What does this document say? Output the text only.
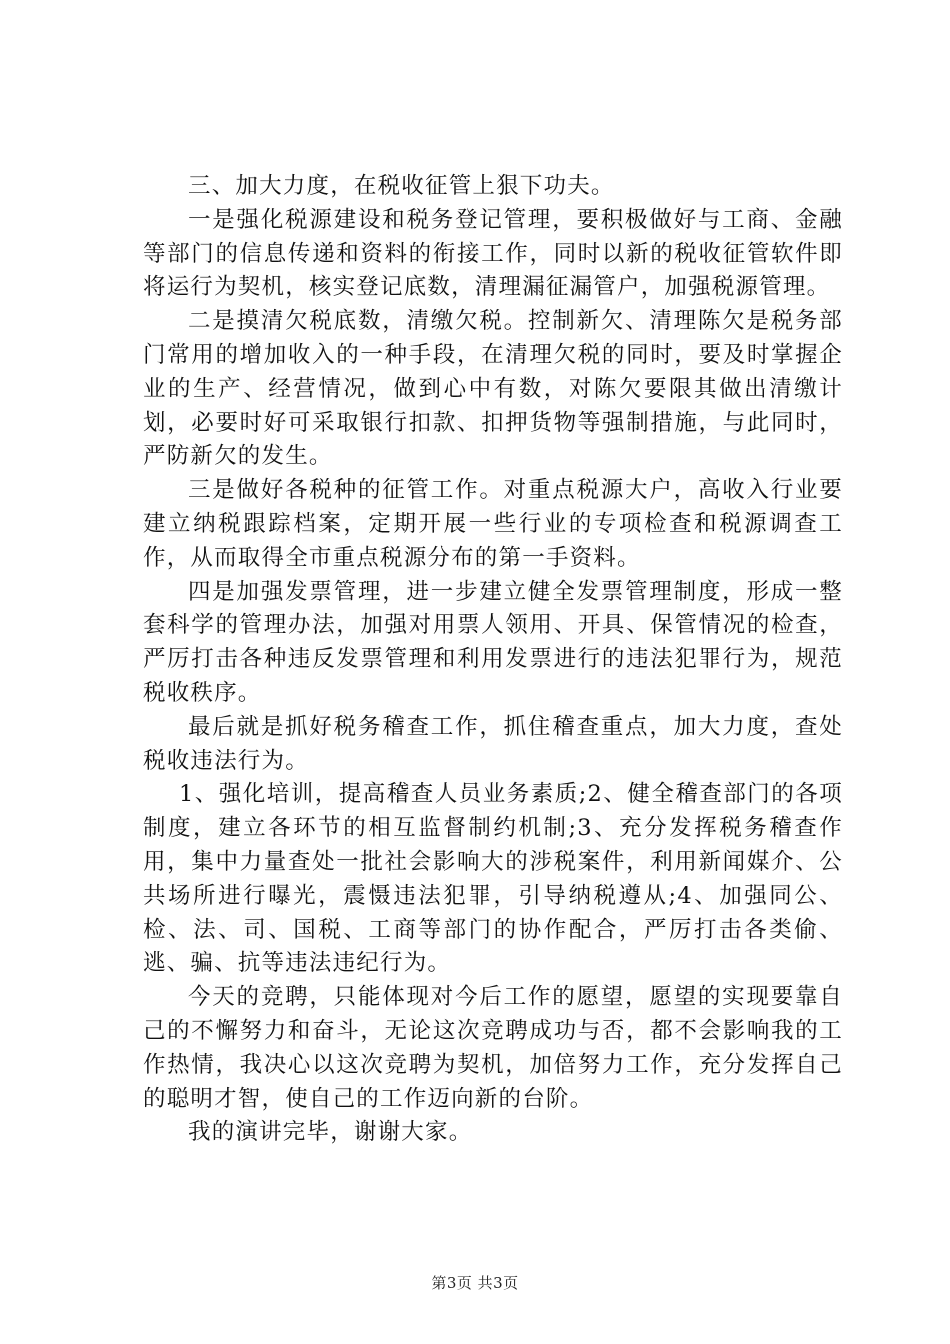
三、加大力度，在税收征管上狠下功夫。

一是强化税源建设和税务登记管理，要积极做好与工商、金融等部门的信息传递和资料的衔接工作，同时以新的税收征管软件即将运行为契机，核实登记底数，清理漏征漏管户，加强税源管理。

二是摸清欠税底数，清缴欠税。控制新欠、清理陈欠是税务部门常用的增加收入的一种手段，在清理欠税的同时，要及时掌握企业的生产、经营情况，做到心中有数，对陈欠要限其做出清缴计划，必要时好可采取银行扣款、扣押货物等强制措施，与此同时，严防新欠的发生。

三是做好各税种的征管工作。对重点税源大户，高收入行业要建立纳税跟踪档案，定期开展一些行业的专项检查和税源调查工作，从而取得全市重点税源分布的第一手资料。

四是加强发票管理，进一步建立健全发票管理制度，形成一整套科学的管理办法，加强对用票人领用、开具、保管情况的检查，严厉打击各种违反发票管理和利用发票进行的违法犯罪行为，规范税收秩序。

最后就是抓好税务稽查工作，抓住稽查重点，加大力度，查处税收违法行为。

1、强化培训，提高稽查人员业务素质;2、健全稽查部门的各项制度，建立各环节的相互监督制约机制;3、充分发挥税务稽查作用，集中力量查处一批社会影响大的涉税案件，利用新闻媒介、公共场所进行曝光，震慑违法犯罪，引导纳税遵从;4、加强同公、检、法、司、国税、工商等部门的协作配合，严厉打击各类偷、逃、骗、抗等违法违纪行为。

今天的竞聘，只能体现对今后工作的愿望，愿望的实现要靠自己的不懈努力和奋斗，无论这次竞聘成功与否，都不会影响我的工作热情，我决心以这次竞聘为契机，加倍努力工作，充分发挥自己的聪明才智，使自己的工作迈向新的台阶。

我的演讲完毕，谢谢大家。

第3页 共3页
